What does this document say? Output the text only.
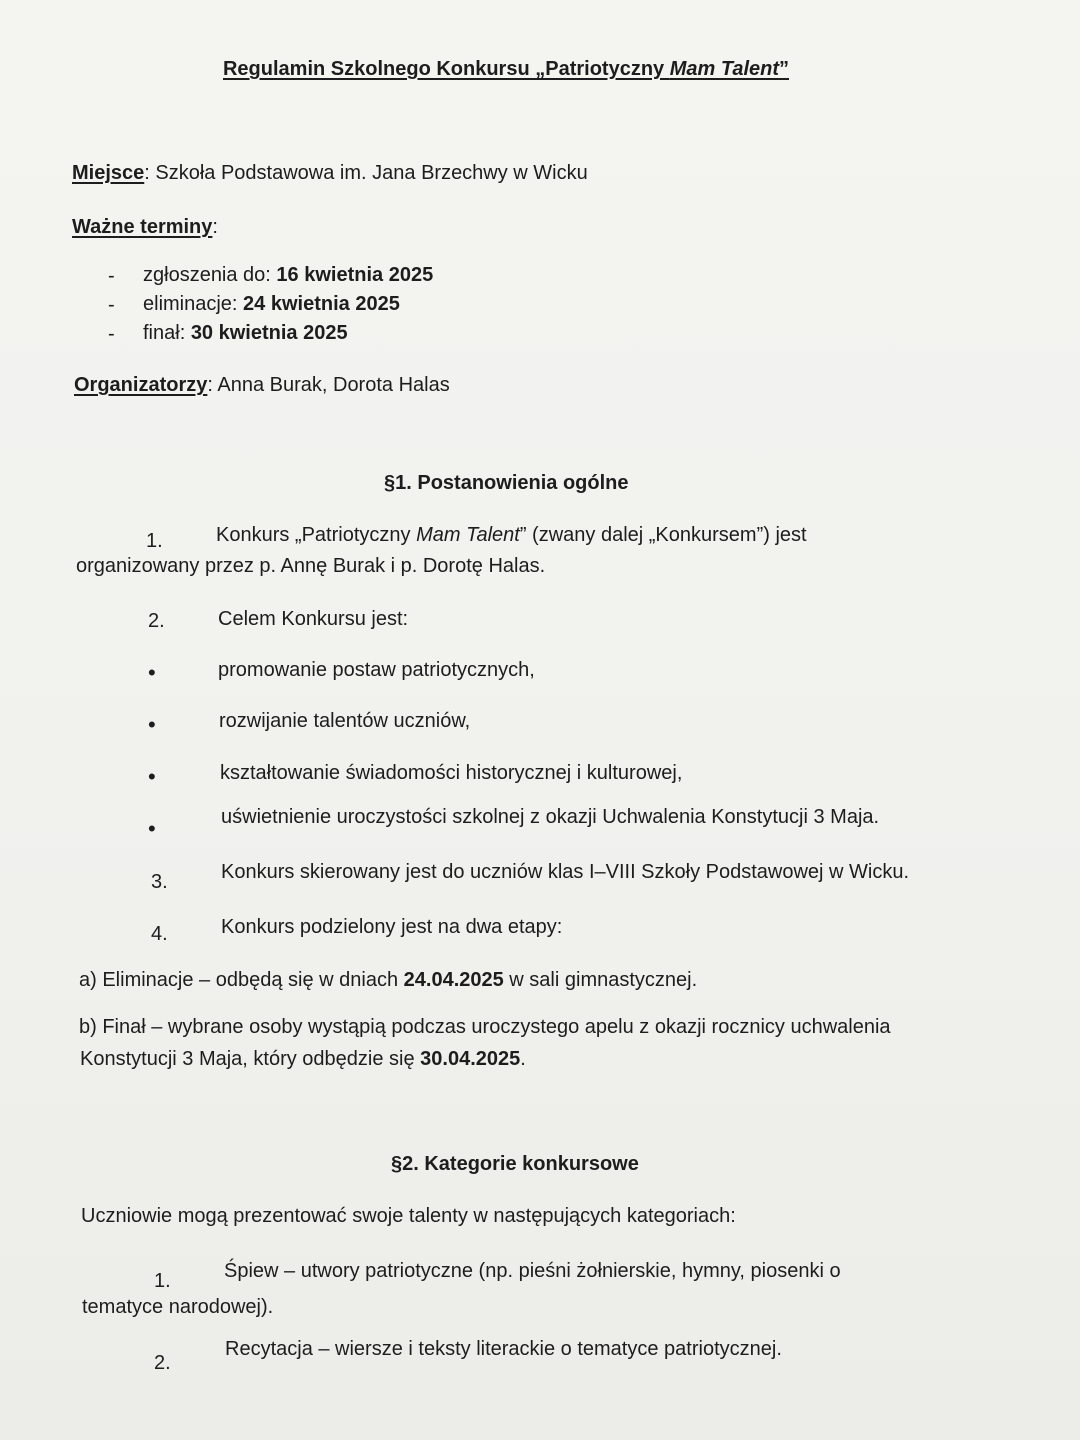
Regulamin Szkolnego Konkursu „Patriotyczny Mam Talent”
Miejsce: Szkoła Podstawowa im. Jana Brzechwy w Wicku
Ważne terminy:
- zgłoszenia do: 16 kwietnia 2025
- eliminacje: 24 kwietnia 2025
- finał: 30 kwietnia 2025
Organizatorzy: Anna Burak, Dorota Halas
§1. Postanowienia ogólne
1.	Konkurs „Patriotyczny Mam Talent” (zwany dalej „Konkursem”) jest
organizowany przez p. Annę Burak i p. Dorotę Halas.
2.	Celem Konkursu jest:
•	promowanie postaw patriotycznych,
•	rozwijanie talentów uczniów,
•	kształtowanie świadomości historycznej i kulturowej,
•	uświetnienie uroczystości szkolnej z okazji Uchwalenia Konstytucji 3 Maja.
3.	Konkurs skierowany jest do uczniów klas I–VIII Szkoły Podstawowej w Wicku.
4.	Konkurs podzielony jest na dwa etapy:
a) Eliminacje – odbędą się w dniach 24.04.2025 w sali gimnastycznej.
b) Finał – wybrane osoby wystąpią podczas uroczystego apelu z okazji rocznicy uchwalenia
Konstytucji 3 Maja, który odbędzie się 30.04.2025.
§2. Kategorie konkursowe
Uczniowie mogą prezentować swoje talenty w następujących kategoriach:
1.	Śpiew – utwory patriotyczne (np. pieśni żołnierskie, hymny, piosenki o
tematyce narodowej).
2.
Recytacja – wiersze i teksty literackie o tematyce patriotycznej.
